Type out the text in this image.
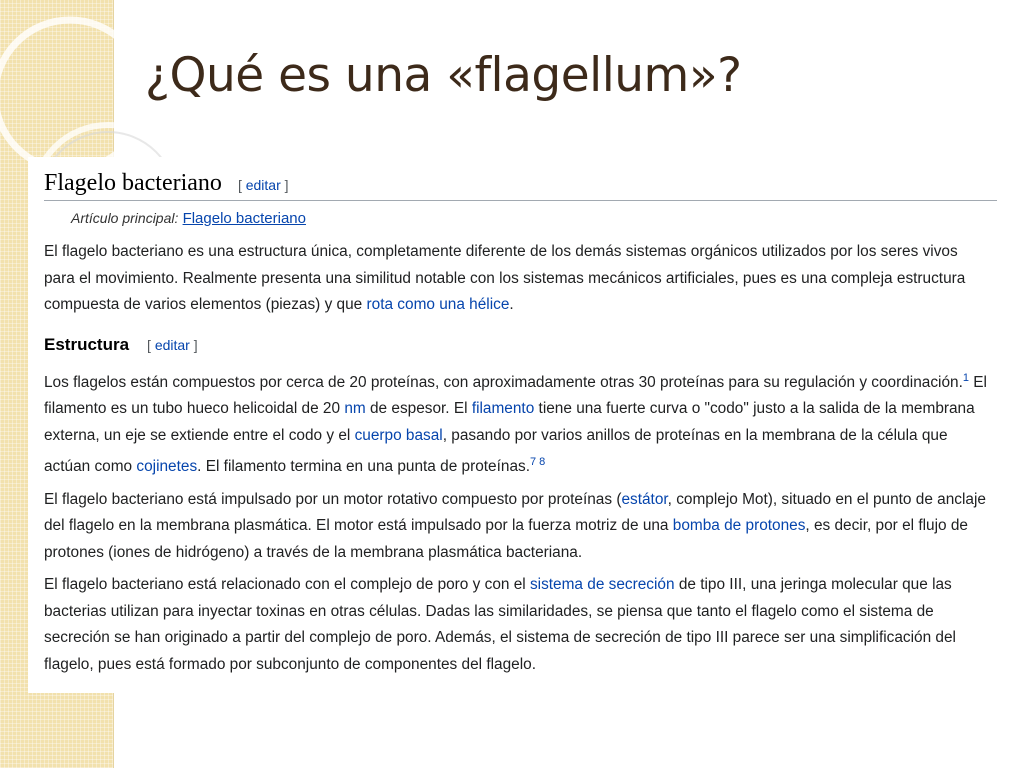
¿Qué es una «flagellum»?
Flagelo bacteriano [ editar ]
Artículo principal: Flagelo bacteriano

El flagelo bacteriano es una estructura única, completamente diferente de los demás sistemas orgánicos utilizados por los seres vivos para el movimiento. Realmente presenta una similitud notable con los sistemas mecánicos artificiales, pues es una compleja estructura compuesta de varios elementos (piezas) y que rota como una hélice.

Estructura [ editar ]

Los flagelos están compuestos por cerca de 20 proteínas, con aproximadamente otras 30 proteínas para su regulación y coordinación.$^1$ El filamento es un tubo hueco helicoidal de 20 nm de espesor. El filamento tiene una fuerte curva o "codo" justo a la salida de la membrana externa, un eje se extiende entre el codo y el cuerpo basal, pasando por varios anillos de proteínas en la membrana de la célula que actúan como cojinetes. El filamento termina en una punta de proteínas.$^{7 8}$

El flagelo bacteriano está impulsado por un motor rotativo compuesto por proteínas (estátor, complejo Mot), situado en el punto de anclaje del flagelo en la membrana plasmática. El motor está impulsado por la fuerza motriz de una bomba de protones, es decir, por el flujo de protones (iones de hidrógeno) a través de la membrana plasmática bacteriana.

El flagelo bacteriano está relacionado con el complejo de poro y con el sistema de secreción de tipo III, una jeringa molecular que las bacterias utilizan para inyectar toxinas en otras células. Dadas las similaridades, se piensa que tanto el flagelo como el sistema de secreción se han originado a partir del complejo de poro. Además, el sistema de secreción de tipo III parece ser una simplificación del flagelo, pues está formado por subconjunto de componentes del flagelo.
